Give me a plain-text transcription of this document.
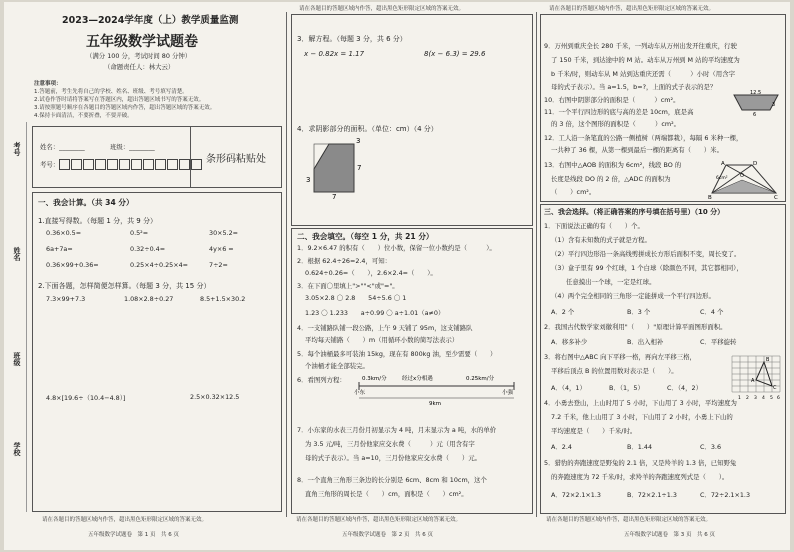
请在各题目的答题区域内作答，超出黑色矩形限定区域的答案无效。	请在各题目的答题区域内作答，超出黑色矩形限定区域的答案无效。
2023—2024学年度（上）教学质量监测
五年级数学试题卷
（满分 100 分，考试时间 80 分钟）
（命题责任人：林大云）
注意事项：
1.答题前，考生先将自己的学校、姓名、班级、考号填写清楚。
2.试卷作答时请将答案写在答题区内，超出答题区域书写的答案无效。
3.请按照题号顺序在各题目的答题区域内作答，超出答题区域的答案无效。
4.保持卡面清洁，不要折叠，不要弄破。
考号
姓名
班级
学校
姓名：________	班级：________
考号：	条形码粘贴处
一、我会计算。（共 34 分）
1.直接写得数。（每题 1 分，共 9 分）
0.36×0.5=	0.5²=	30×5.2=
6a+7a=	0.32÷0.4=	4y×6 =
0.36×99+0.36=	0.25×4÷0.25×4=	7÷2=
2.下面各题，怎样简便怎样算。（每题 3 分，共 15 分）
7.3×99+7.3	1.08×2.8÷0.27	8.5+1.5×30.2
4.8×[19.6÷（10.4−4.8）]	2.5×0.32×12.5
请在各题目的答题区域内作答，超出黑色矩形限定区域的答案无效。
五年级数学试题卷　第 1 页　共 6 页
3．解方程。（每题 3 分，共 6 分）
x − 0.82x = 1.17	8(x − 6.3) = 29.6
4．求阴影部分的面积。（单位：cm）（4 分）
3
7
3
7
二、我会填空。（每空 1 分，共 21 分）
1．9.2×6.47 的积有（　　）位小数，保留一位小数约是（　　　）。
2．根据 62.4÷26=2.4，可知：
0.624÷0.26=（　　），2.6×2.4=（　　）。
3．在下面〇里填上">""<"或"="。
3.05×2.8 〇 2.8　　54÷5.6 〇 1
1.23 〇 1.233　　a÷0.99 〇 a÷1.01（a≠0）
4．一支铺路队铺一段公路，上午 9 天铺了 95m，这支铺路队
平均每天铺路（　　）m（用循环小数的简写法表示）
5．每个油桶最多可装油 15kg，现在有 800kg 油，至少需要（　　）
个油桶才能全部装完。
6．看图列方程：	0.3km/分	经过x分相遇	0.25km/分
小东	小强
9km
7．小东家的水表三月份月初显示为 4 吨，月末显示为 a 吨，水的单价
为 3.5 元/吨，三月份他家应交水费（　　　）元（用含有字
母的式子表示）。当 a=10，三月份他家应交水费（　　）元。
8．一个直角三角形三条边的长分别是 6cm、8cm 和 10cm，这个
直角三角形的周长是（　　）cm，面积是（　　）cm²。
请在各题目的答题区域内作答，超出黑色矩形限定区域的答案无效。
五年级数学试题卷　第 2 页　共 6 页
9．万州到重庆全长 280 千米，一列动车从万州出发开往重庆，行驶
了 150 千米，到达途中的 M 站。动车从万州到 M 站的平均速度为
b 千米/时，则动车从 M 站到达重庆还需（　　　）小时（用含字
母的式子表示）。当 a=1.5，b=?，上面的式子表示的是？
10．右图中阴影部分的面积是（　　　）cm²。
11．一个平行四边形的底与高的差是 10cm，底是高
的 3 倍，这个图形的面积是（　　　）cm²。
12．工人沿一条笔直的公路一侧植树（两端都栽），每隔 6 米种一棵，
一共种了 36 棵，从第一棵到最后一棵的距离有（　　）米。
13．右图中△AOB 的面积为 6cm²，线段 BO 的
长度是线段 DO 的 2 倍，△ADC 的面积为
（　　）cm²。
12.5
3
6
A	D
O
B	C
6cm²
三、我会选择。（将正确答案的序号填在括号里）（10 分）
1．下面说法正确的有（　　）个。
（1）含有未知数的式子就是方程。
（2）平行四边形沿一条高线剪拼成长方形后面积不变，周长变了。
（3）盒子里有 99 个红球，1 个白球（除颜色不同，其它都相同），
任意摸出一个球，一定是红球。
（4）两个完全相同的三角形一定能拼成一个平行四边形。
A．2 个	B．3 个	C．4 个
2．我国古代数学家刘徽利用"（　　）"原理计算平面图形面积。
A．移多补少	B．出入相补	C．平移旋转
3．将右图中△ABC 向下平移一格，再向左平移三格，
平移后顶点 B 的位置用数对表示是（　　）。
A．（4，1）	B．（1，5）	C．（4，2）
B
A
C
1 2 3 4 5 6
4．小勇去登山，上山时用了 5 小时，下山用了 3 小时，平均速度为
7.2 千米，他上山用了 3 小时，下山用了 2 小时，小勇上下山的
平均速度是（　　）千米/时。
A．2.4	B．1.44	C．3.6
5．猎豹的奔跑速度是野兔的 2.1 倍，又是羚羊的 1.3 倍，已知野兔
的奔跑速度为 72 千米/时，求羚羊的奔跑速度列式是（　　）。
A．72×2.1×1.3	B．72×2.1÷1.3	C．72÷2.1×1.3
请在各题目的答题区域内作答，超出黑色矩形限定区域的答案无效。
五年级数学试题卷　第 3 页　共 6 页
